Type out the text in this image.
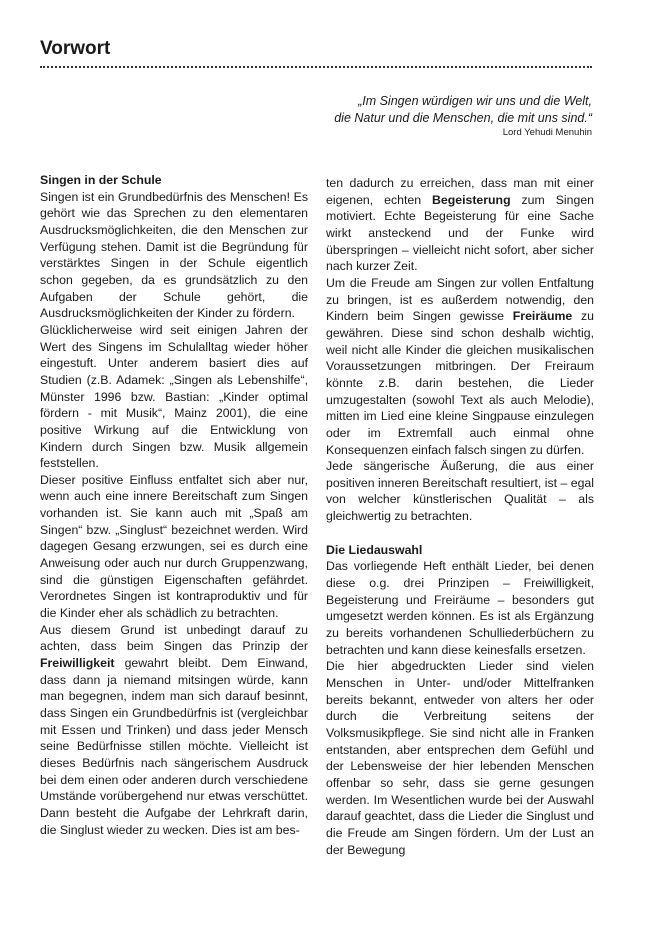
Vorwort
„Im Singen würdigen wir uns und die Welt,
die Natur und die Menschen, die mit uns sind.“
Lord Yehudi Menuhin
Singen in der Schule

Singen ist ein Grundbedürfnis des Menschen! Es gehört wie das Sprechen zu den elementaren Ausdrucksmöglichkeiten, die den Menschen zur Verfügung stehen. Damit ist die Begründung für verstärktes Singen in der Schule eigentlich schon gegeben, da es grundsätzlich zu den Aufgaben der Schule gehört, die Ausdrucksmöglichkeiten der Kinder zu fördern.

Glücklicherweise wird seit einigen Jahren der Wert des Singens im Schulalltag wieder höher eingestuft. Unter anderem basiert dies auf Studien (z.B. Adamek: „Singen als Lebenshilfe“, Münster 1996 bzw. Bastian: „Kinder optimal fördern - mit Musik“, Mainz 2001), die eine positive Wirkung auf die Entwicklung von Kindern durch Singen bzw. Musik allgemein feststellen.

Dieser positive Einfluss entfaltet sich aber nur, wenn auch eine innere Bereitschaft zum Singen vorhanden ist. Sie kann auch mit „Spaß am Singen“ bzw. „Singlust“ bezeichnet werden. Wird dagegen Gesang erzwungen, sei es durch eine Anweisung oder auch nur durch Gruppenzwang, sind die günstigen Eigenschaften gefährdet. Verordnetes Singen ist kontraproduktiv und für die Kinder eher als schädlich zu betrachten.

Aus diesem Grund ist unbedingt darauf zu achten, dass beim Singen das Prinzip der Freiwilligkeit gewahrt bleibt. Dem Einwand, dass dann ja niemand mitsingen würde, kann man begegnen, indem man sich darauf besinnt, dass Singen ein Grundbedürfnis ist (vergleichbar mit Essen und Trinken) und dass jeder Mensch seine Bedürfnisse stillen möchte. Vielleicht ist dieses Bedürfnis nach sängerischem Ausdruck bei dem einen oder anderen durch verschiedene Umstände vorübergehend nur etwas verschüttet. Dann besteht die Aufgabe der Lehrkraft darin, die Singlust wieder zu wecken. Dies ist am bes-

ten dadurch zu erreichen, dass man mit einer eigenen, echten Begeisterung zum Singen motiviert. Echte Begeisterung für eine Sache wirkt ansteckend und der Funke wird überspringen – vielleicht nicht sofort, aber sicher nach kurzer Zeit.

Um die Freude am Singen zur vollen Entfaltung zu bringen, ist es außerdem notwendig, den Kindern beim Singen gewisse Freiräume zu gewähren. Diese sind schon deshalb wichtig, weil nicht alle Kinder die gleichen musikalischen Voraussetzungen mitbringen. Der Freiraum könnte z.B. darin bestehen, die Lieder umzugestalten (sowohl Text als auch Melodie), mitten im Lied eine kleine Singpause einzulegen oder im Extremfall auch einmal ohne Konsequenzen einfach falsch singen zu dürfen.

Jede sängerische Äußerung, die aus einer positiven inneren Bereitschaft resultiert, ist – egal von welcher künstlerischen Qualität – als gleichwertig zu betrachten.

Die Liedauswahl

Das vorliegende Heft enthält Lieder, bei denen diese o.g. drei Prinzipen – Freiwilligkeit, Begeisterung und Freiräume – besonders gut umgesetzt werden können. Es ist als Ergänzung zu bereits vorhandenen Schulliederbüchern zu betrachten und kann diese keinesfalls ersetzen.

Die hier abgedruckten Lieder sind vielen Menschen in Unter- und/oder Mittelfranken bereits bekannt, entweder von alters her oder durch die Verbreitung seitens der Volksmusikpflege. Sie sind nicht alle in Franken entstanden, aber entsprechen dem Gefühl und der Lebensweise der hier lebenden Menschen offenbar so sehr, dass sie gerne gesungen werden. Im Wesentlichen wurde bei der Auswahl darauf geachtet, dass die Lieder die Singlust und die Freude am Singen fördern. Um der Lust an der Bewegung
